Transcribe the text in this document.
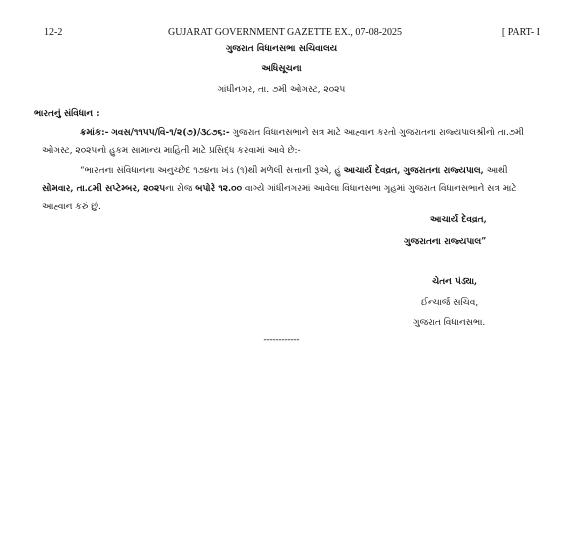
12-2	GUJARAT GOVERNMENT GAZETTE EX., 07-08-2025	[ PART- I
ગુજરાત વિધાનસભા સચિવાલય
અધિસૂચના
ગાંધીનગર, તા. ૭મી ઓગસ્ટ, ૨૦૨૫
ભારતનું સંવિધાન :
ક્રમાંક:- ગવસ/૧૧૫૫/વિ-૧/૨(૭)/૩૮૭૬:- ગુજરાત વિધાનસભાને સત્ર માટે આહ્વાન કરતો ગુજરાતના રાજ્યપાલશ્રીનો તા.૭મી ઓગસ્ટ, ૨૦૨૫નો હુકમ સામાન્ય માહિતી માટે પ્રસિદ્ધ કરવામાં આવે છે:-
“ભારતના સંવિધાનના અનુચ્છેદ ૧૭૪ના ખંડ (૧)થી મળેલી સત્તાની રૂએ, હું આચાર્ય દેવવ્રત, ગુજરાતના રાજ્યપાલ, આથી સોમવાર, તા.૮મી સપ્ટેમ્બર, ૨૦૨૫ના રોજ બપોરે ૧૨.૦૦ વાગ્યે ગાંધીનગરમાં આવેલા વિધાનસભા ગૃહમાં ગુજરાત વિધાનસભાને સત્ર માટે આહ્વાન કરું છું.
આચાર્ય દેવવ્રત,
ગુજરાતના રાજ્યપાલ”
ચેતન પંડ્યા,
ઈન્ચાર્જ સચિવ,
ગુજરાત વિધાનસભા.
------------
